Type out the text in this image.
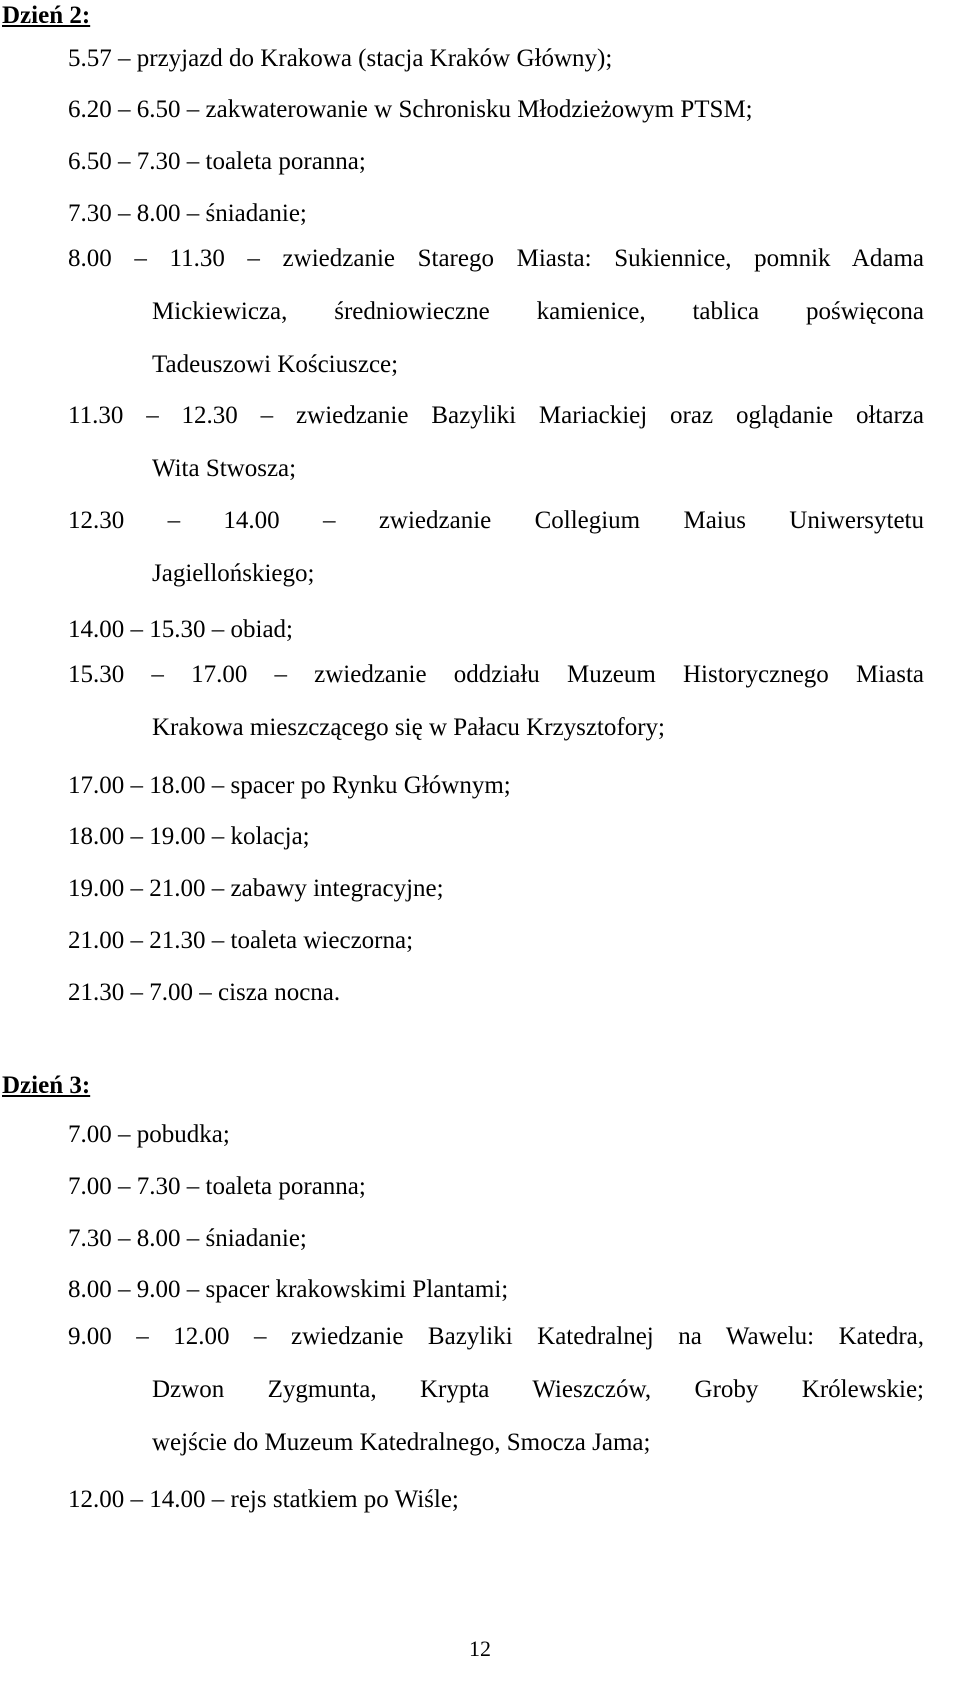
Dzień 2:

5.57 – przyjazd do Krakowa (stacja Kraków Główny);

6.20 – 6.50 – zakwaterowanie w Schronisku Młodzieżowym PTSM;

6.50 – 7.30 – toaleta poranna;

7.30 – 8.00 – śniadanie;

8.00 – 11.30 – zwiedzanie Starego Miasta: Sukiennice, pomnik Adama
Mickiewicza, średniowieczne kamienice, tablica poświęcona
Tadeuszowi Kościuszce;

11.30 – 12.30 – zwiedzanie Bazyliki Mariackiej oraz oglądanie ołtarza
Wita Stwosza;

12.30 – 14.00 – zwiedzanie Collegium Maius Uniwersytetu
Jagiellońskiego;

14.00 – 15.30 – obiad;

15.30 – 17.00 – zwiedzanie oddziału Muzeum Historycznego Miasta
Krakowa mieszczącego się w Pałacu Krzysztofory;

17.00 – 18.00 – spacer po Rynku Głównym;

18.00 – 19.00 – kolacja;

19.00 – 21.00 – zabawy integracyjne;

21.00 – 21.30 – toaleta wieczorna;

21.30 – 7.00 – cisza nocna.

Dzień 3:

7.00 – pobudka;

7.00 – 7.30 – toaleta poranna;

7.30 – 8.00 – śniadanie;

8.00 – 9.00 – spacer krakowskimi Plantami;

9.00 – 12.00 – zwiedzanie Bazyliki Katedralnej na Wawelu: Katedra,
Dzwon Zygmunta, Krypta Wieszczów, Groby Królewskie;
wejście do Muzeum Katedralnego, Smocza Jama;

12.00 – 14.00 – rejs statkiem po Wiśle;

12
